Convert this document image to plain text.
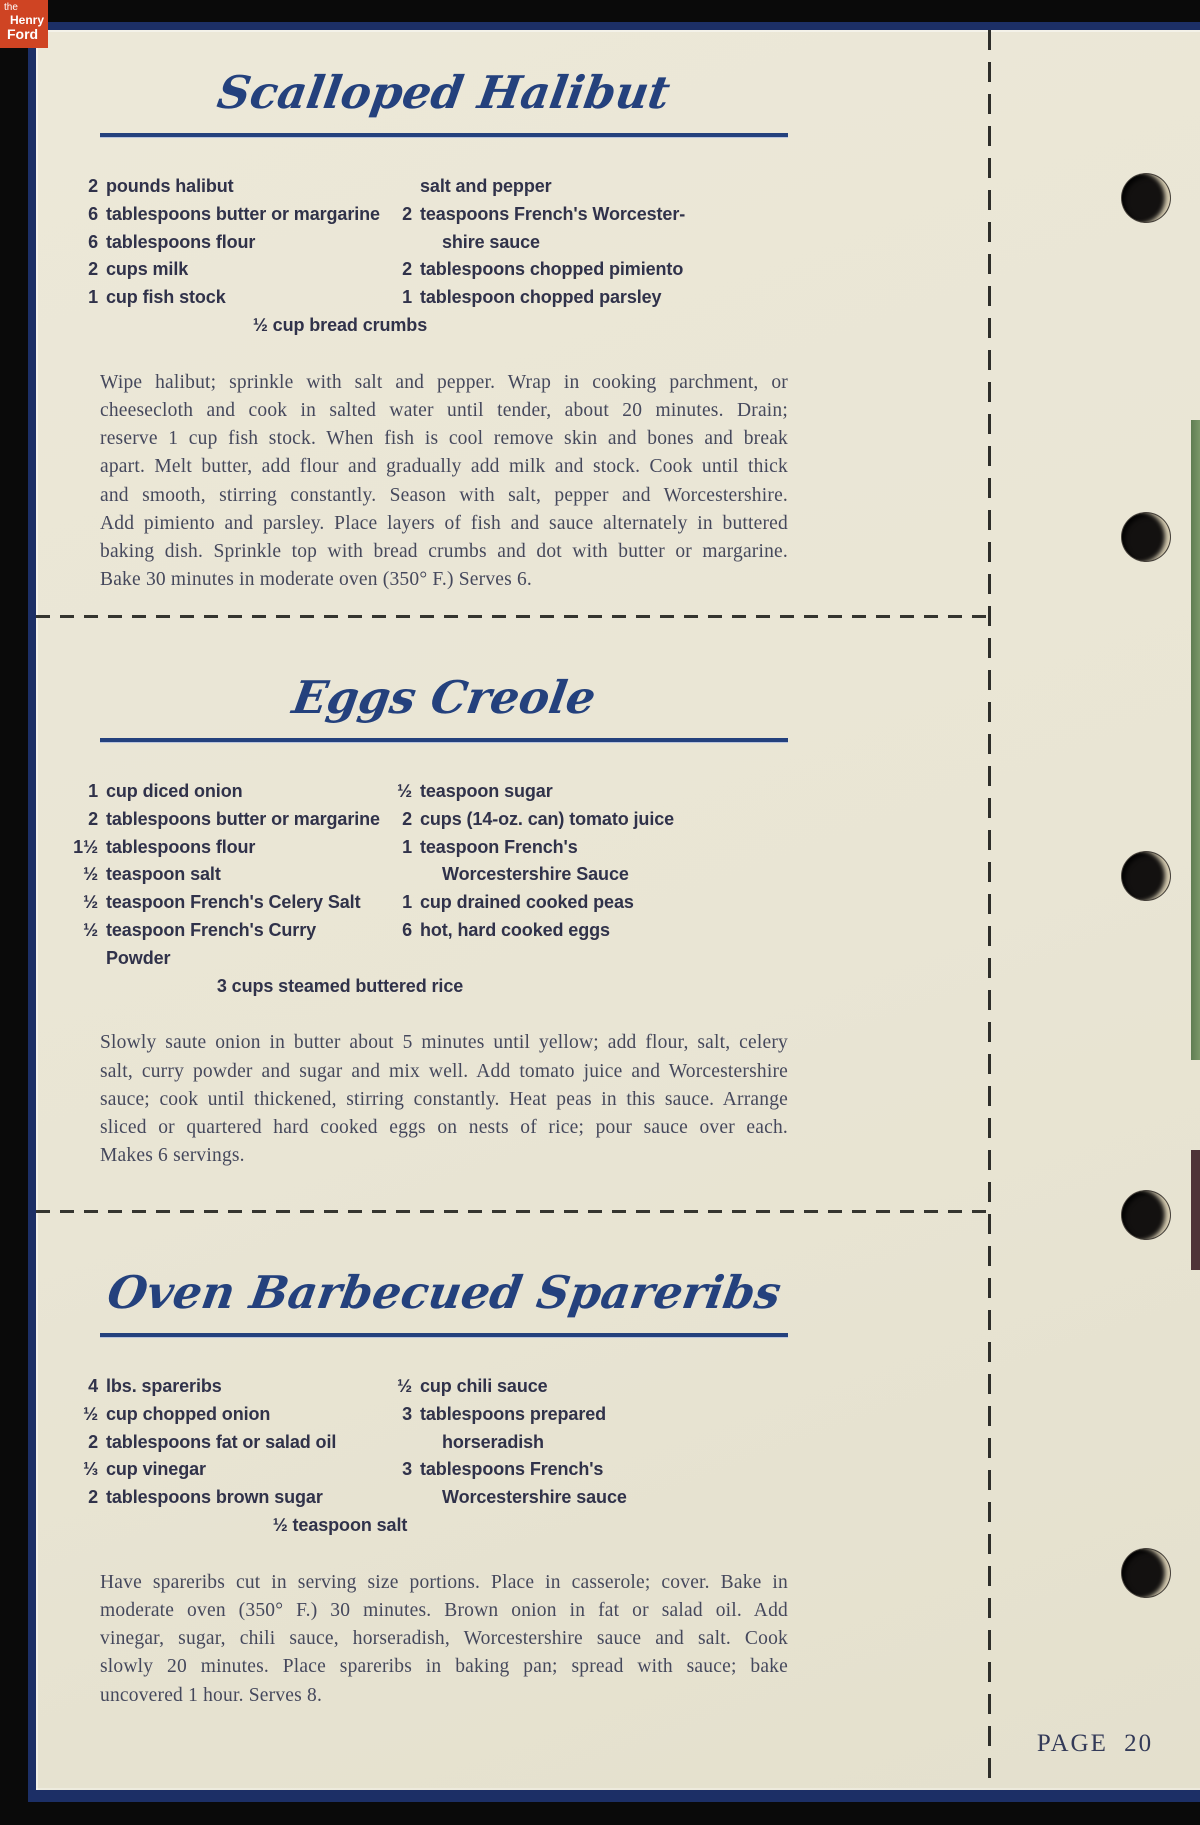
the
Henry
Ford
Scalloped Halibut
2 pounds halibut
6 tablespoons butter or margarine
6 tablespoons flour
2 cups milk
1 cup fish stock
salt and pepper
2 teaspoons French's Worcester-
shire sauce
2 tablespoons chopped pimiento
1 tablespoon chopped parsley
½ cup bread crumbs
Wipe halibut; sprinkle with salt and pepper. Wrap in cooking parchment, or
cheesecloth and cook in salted water until tender, about 20 minutes. Drain;
reserve 1 cup fish stock. When fish is cool remove skin and bones and break
apart. Melt butter, add flour and gradually add milk and stock. Cook until thick
and smooth, stirring constantly. Season with salt, pepper and Worcestershire.
Add pimiento and parsley. Place layers of fish and sauce alternately in buttered
baking dish. Sprinkle top with bread crumbs and dot with butter or margarine.
Bake 30 minutes in moderate oven (350° F.) Serves 6.
Eggs Creole
1 cup diced onion
2 tablespoons butter or margarine
1½ tablespoons flour
½ teaspoon salt
½ teaspoon French's Celery Salt
½ teaspoon French's Curry Powder
½ teaspoon sugar
2 cups (14-oz. can) tomato juice
1 teaspoon French's
Worcestershire Sauce
1 cup drained cooked peas
6 hot, hard cooked eggs
3 cups steamed buttered rice
Slowly saute onion in butter about 5 minutes until yellow; add flour, salt, celery
salt, curry powder and sugar and mix well. Add tomato juice and Worcestershire
sauce; cook until thickened, stirring constantly. Heat peas in this sauce. Arrange
sliced or quartered hard cooked eggs on nests of rice; pour sauce over each.
Makes 6 servings.
Oven Barbecued Spareribs
4 lbs. spareribs
½ cup chopped onion
2 tablespoons fat or salad oil
⅓ cup vinegar
2 tablespoons brown sugar
½ cup chili sauce
3 tablespoons prepared
horseradish
3 tablespoons French's
Worcestershire sauce
½ teaspoon salt
Have spareribs cut in serving size portions. Place in casserole; cover. Bake in
moderate oven (350° F.) 30 minutes. Brown onion in fat or salad oil. Add
vinegar, sugar, chili sauce, horseradish, Worcestershire sauce and salt. Cook
slowly 20 minutes. Place spareribs in baking pan; spread with sauce; bake
uncovered 1 hour. Serves 8.
PAGE 20
